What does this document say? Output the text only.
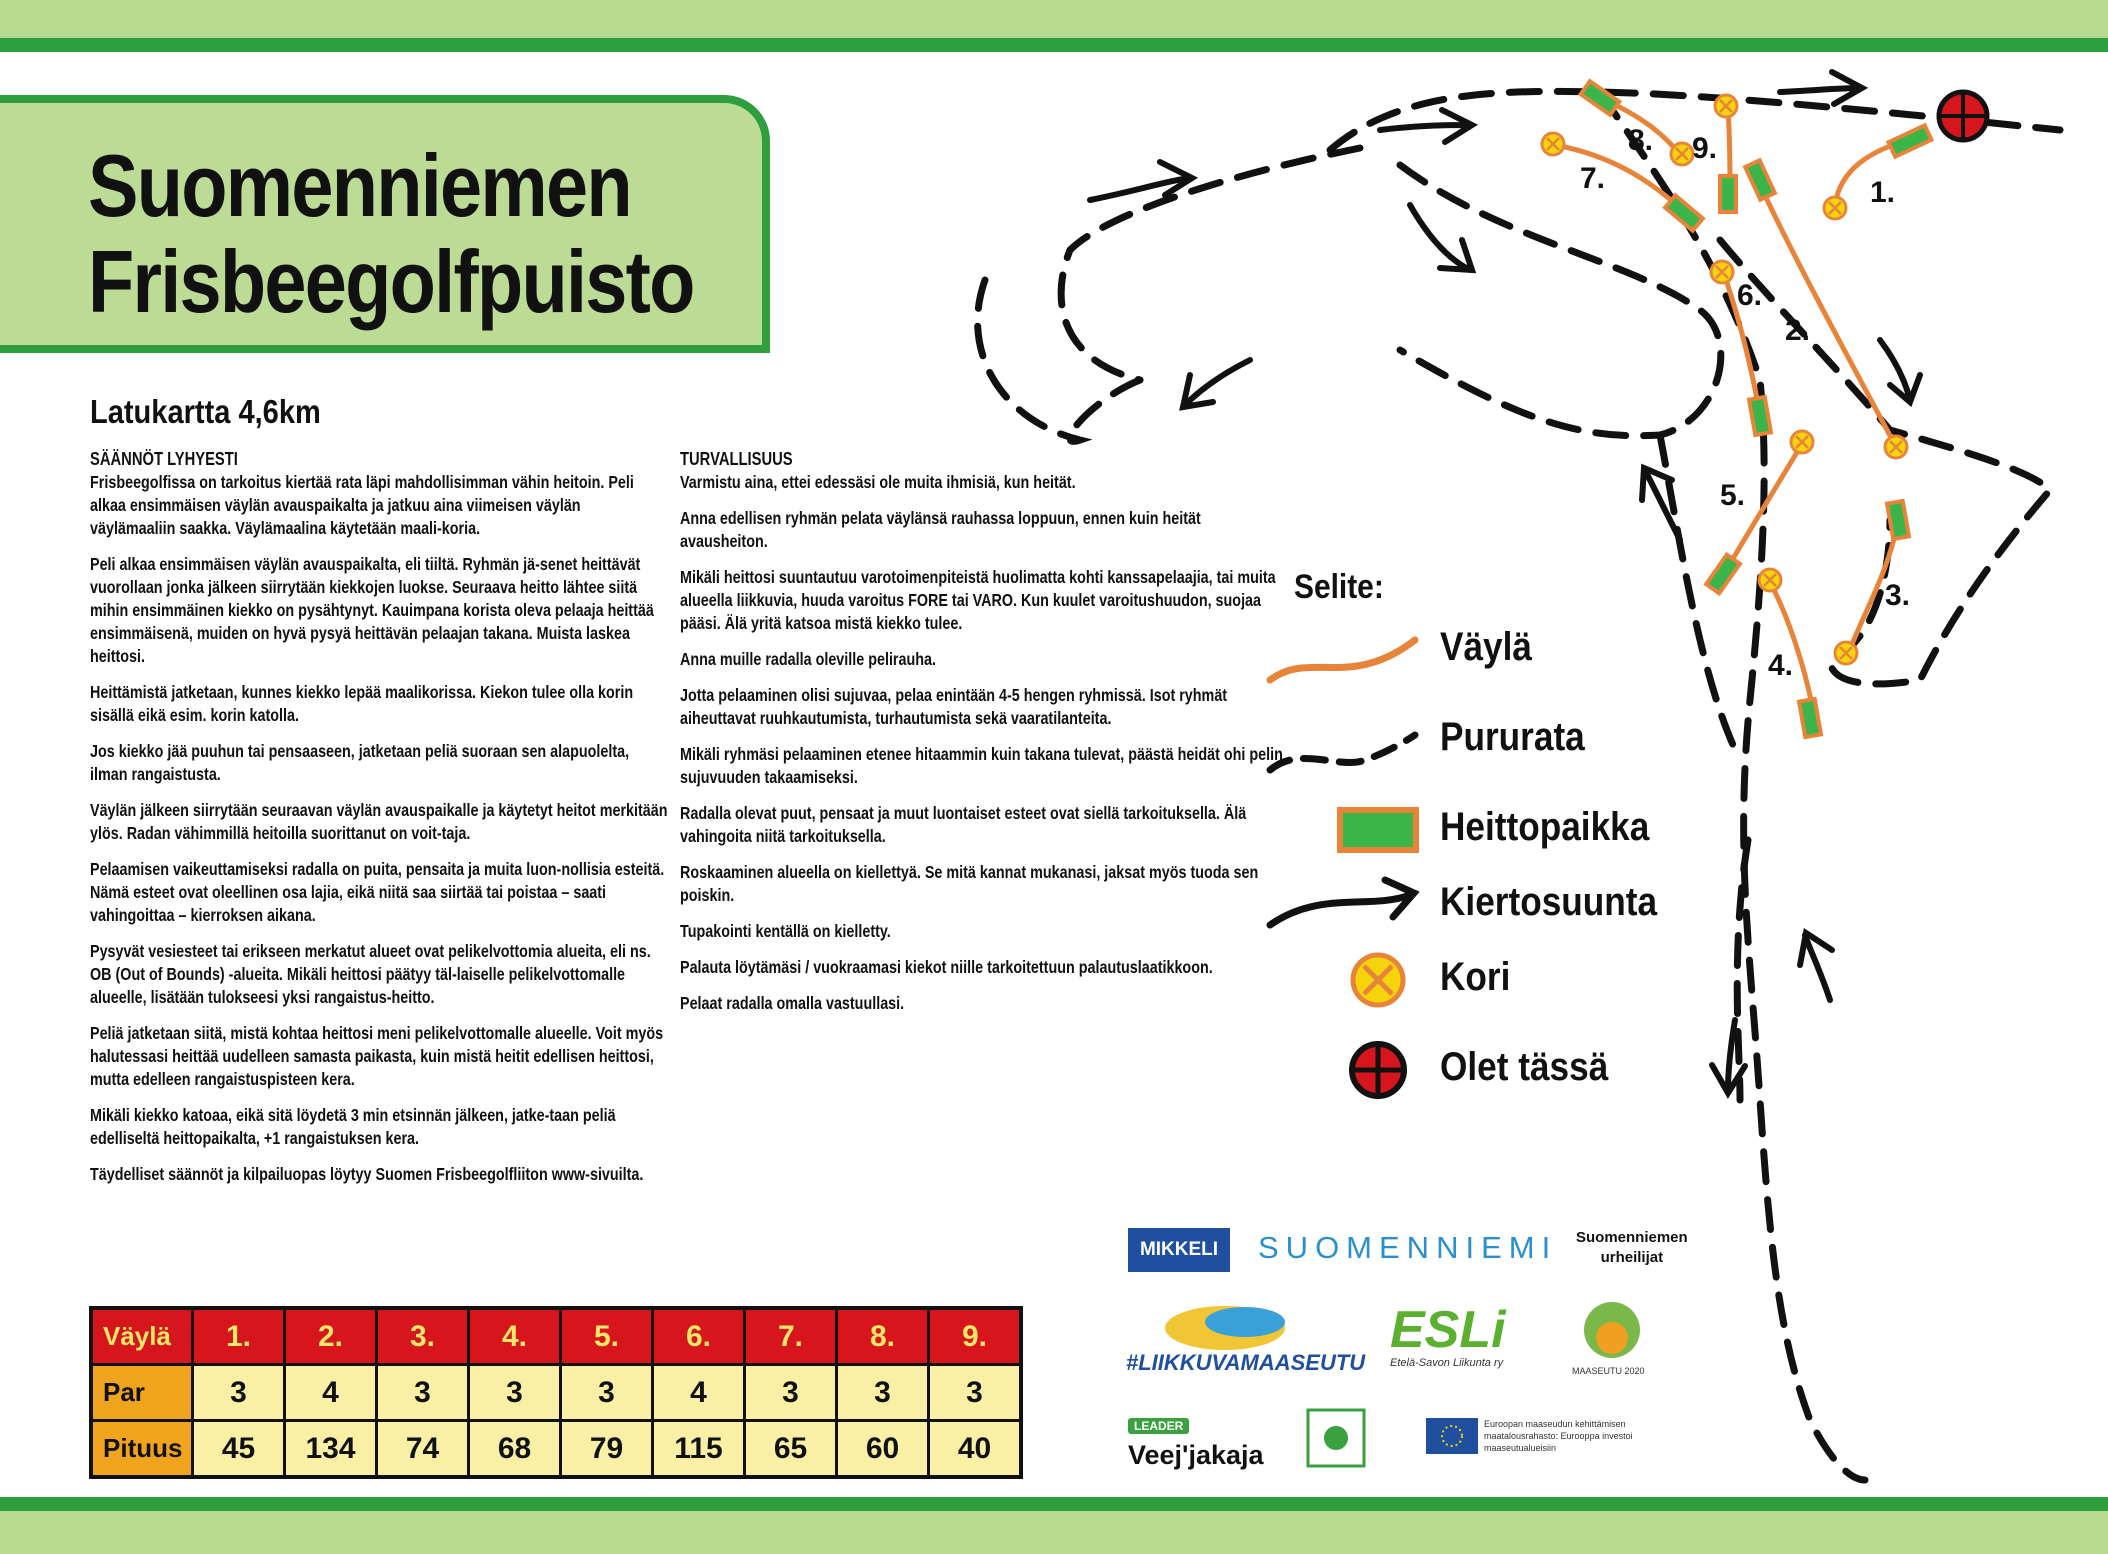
Suomenniemen
Frisbeegolfpuisto
Latukartta 4,6km
SÄÄNNÖT LYHYESTI

Frisbeegolfissa on tarkoitus kiertää rata läpi mahdollisimman vähin heitoin. Peli alkaa ensimmäisen väylän avauspaikalta ja jatkuu aina viimeisen väylän väylämaaliin saakka. Väylämaalina käytetään maali-koria.

Peli alkaa ensimmäisen väylän avauspaikalta, eli tiiltä. Ryhmän jä-senet heittävät vuorollaan jonka jälkeen siirrytään kiekkojen luokse. Seuraava heitto lähtee siitä mihin ensimmäinen kiekko on pysähtynyt. Kauimpana korista oleva pelaaja heittää ensimmäisenä, muiden on hyvä pysyä heittävän pelaajan takana. Muista laskea heittosi.

Heittämistä jatketaan, kunnes kiekko lepää maalikorissa. Kiekon tulee olla korin sisällä eikä esim. korin katolla.

Jos kiekko jää puuhun tai pensaaseen, jatketaan peliä suoraan sen alapuolelta, ilman rangaistusta.

Väylän jälkeen siirrytään seuraavan väylän avauspaikalle ja käytetyt heitot merkitään ylös. Radan vähimmillä heitoilla suorittanut on voit-taja.

Pelaamisen vaikeuttamiseksi radalla on puita, pensaita ja muita luon-nollisia esteitä. Nämä esteet ovat oleellinen osa lajia, eikä niitä saa siirtää tai poistaa – saati vahingoittaa – kierroksen aikana.

Pysyvät vesiesteet tai erikseen merkatut alueet ovat pelikelvottomia alueita, eli ns. OB (Out of Bounds) -alueita. Mikäli heittosi päätyy täl-laiselle pelikelvottomalle alueelle, lisätään tulokseesi yksi rangaistus-heitto.

Peliä jatketaan siitä, mistä kohtaa heittosi meni pelikelvottomalle alueelle. Voit myös halutessasi heittää uudelleen samasta paikasta, kuin mistä heitit edellisen heittosi, mutta edelleen rangaistuspisteen kera.

Mikäli kiekko katoaa, eikä sitä löydetä 3 min etsinnän jälkeen, jatke-taan peliä edelliseltä heittopaikalta, +1 rangaistuksen kera.

Täydelliset säännöt ja kilpailuopas löytyy Suomen Frisbeegolfliiton www-sivuilta.

TURVALLISUUS

Varmistu aina, ettei edessäsi ole muita ihmisiä, kun heität.

Anna edellisen ryhmän pelata väylänsä rauhassa loppuun, ennen kuin heität avausheiton.

Mikäli heittosi suuntautuu varotoimenpiteistä huolimatta kohti kanssapelaajia, tai muita alueella liikkuvia, huuda varoitus FORE tai VARO. Kun kuulet varoitushuudon, suojaa pääsi. Älä yritä katsoa mistä kiekko tulee.

Anna muille radalla oleville pelirauha.

Jotta pelaaminen olisi sujuvaa, pelaa enintään 4-5 hengen ryhmissä. Isot ryhmät aiheuttavat ruuhkautumista, turhautumista sekä vaaratilanteita.

Mikäli ryhmäsi pelaaminen etenee hitaammin kuin takana tulevat, päästä heidät ohi pelin sujuvuuden takaamiseksi.

Radalla olevat puut, pensaat ja muut luontaiset esteet ovat siellä tarkoituksella. Älä vahingoita niitä tarkoituksella.

Roskaaminen alueella on kiellettyä. Se mitä kannat mukanasi, jaksat myös tuoda sen poiskin.

Tupakointi kentällä on kielletty.

Palauta löytämäsi / vuokraamasi kiekot niille tarkoitettuun palautuslaatikkoon.

Pelaat radalla omalla vastuullasi.

Väylä	1.	2.	3.	4.	5.	6.	7.	8.	9.
Par	3	4	3	3	3	4	3	3	3
Pituus	45	134	74	68	79	115	65	60	40
1.
2.
3.
4.
5.
6.
7.
8. 9.
Selite:
Väylä
Pururata
Heittopaikka
Kiertosuunta
Kori
Olet tässä
MIKKELI	SUOMENNIEMI Suomenniemen
urheilijat
#LIIKKUVAMAASEUTU
ESLi
Etelä-Savon Liikunta ry
MAASEUTU 2020
LEADER
Veej'jakaja
Euroopan maaseudun kehittämisen maatalousrahasto: Eurooppa investoi maaseutualueisiin
